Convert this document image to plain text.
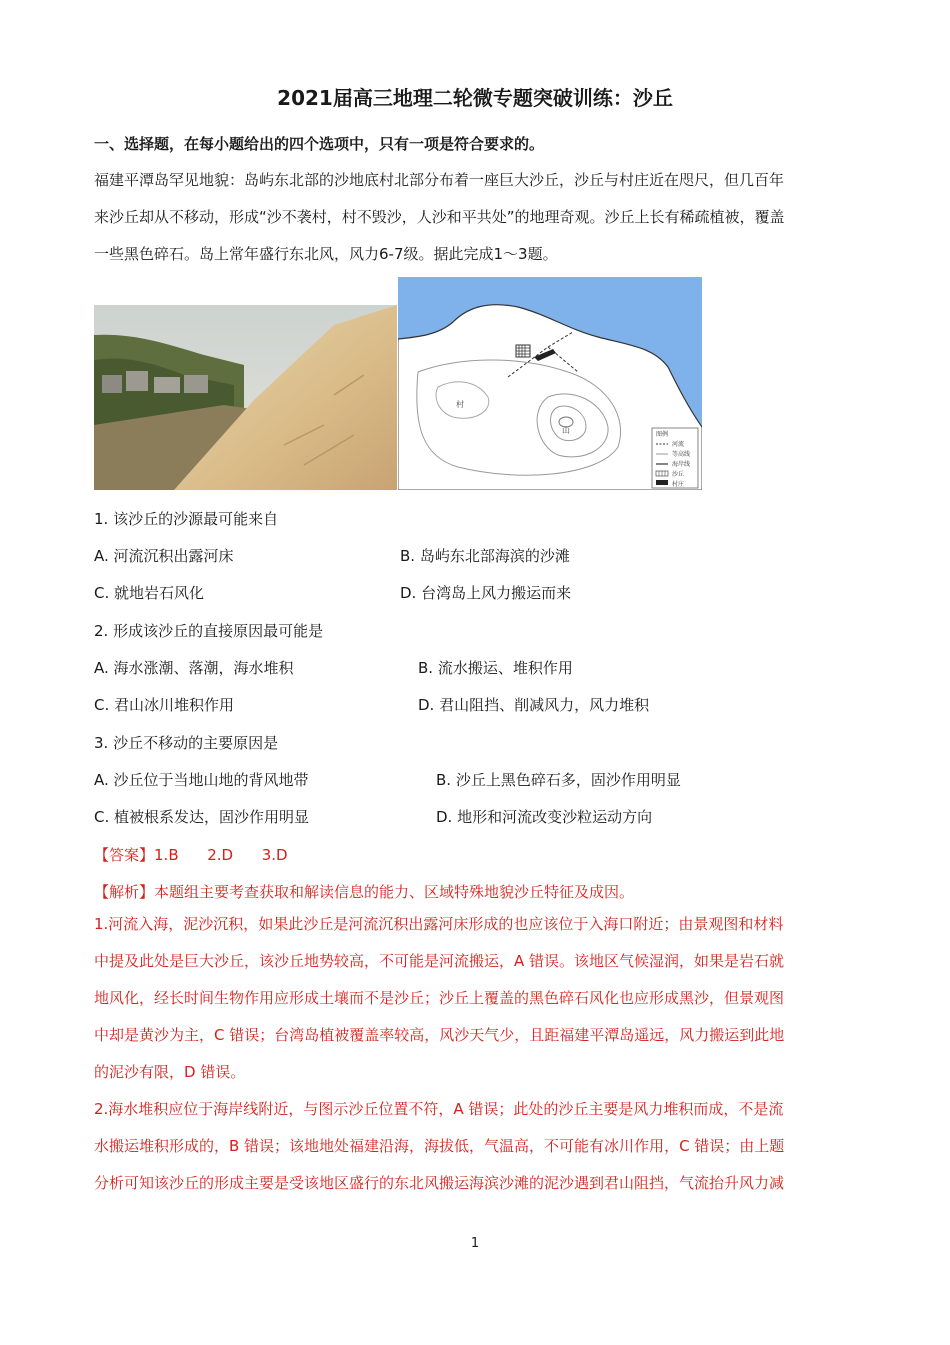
2021届高三地理二轮微专题突破训练：沙丘
一、选择题，在每小题给出的四个选项中，只有一项是符合要求的。
福建平潭岛罕见地貌：岛屿东北部的沙地底村北部分布着一座巨大沙丘，沙丘与村庄近在咫尺，但几百年
来沙丘却从不移动，形成“沙不袭村，村不毁沙，人沙和平共处”的地理奇观。沙丘上长有稀疏植被，覆盖
一些黑色碎石。岛上常年盛行东北风，风力6-7级。据此完成1～3题。
村
山	图例
河流
等高线
海岸线
沙丘
村庄
1. 该沙丘的沙源最可能来自
A. 河流沉积出露河床	B. 岛屿东北部海滨的沙滩
C. 就地岩石风化	D. 台湾岛上风力搬运而来
2. 形成该沙丘的直接原因最可能是
A. 海水涨潮、落潮，海水堆积	B. 流水搬运、堆积作用
C. 君山冰川堆积作用	D. 君山阻挡、削减风力，风力堆积
3. 沙丘不移动的主要原因是
A. 沙丘位于当地山地的背风地带	B. 沙丘上黑色碎石多，固沙作用明显
C. 植被根系发达，固沙作用明显	D. 地形和河流改变沙粒运动方向
【答案】1.B      2.D      3.D
【解析】本题组主要考查获取和解读信息的能力、区域特殊地貌沙丘特征及成因。
1.河流入海，泥沙沉积，如果此沙丘是河流沉积出露河床形成的也应该位于入海口附近；由景观图和材料
中提及此处是巨大沙丘，该沙丘地势较高，不可能是河流搬运，A 错误。该地区气候湿润，如果是岩石就
地风化，经长时间生物作用应形成土壤而不是沙丘；沙丘上覆盖的黑色碎石风化也应形成黑沙，但景观图
中却是黄沙为主，C 错误；台湾岛植被覆盖率较高，风沙天气少，且距福建平潭岛遥远，风力搬运到此地
的泥沙有限，D 错误。
2.海水堆积应位于海岸线附近，与图示沙丘位置不符，A 错误；此处的沙丘主要是风力堆积而成，不是流
水搬运堆积形成的，B 错误；该地地处福建沿海，海拔低，气温高，不可能有冰川作用，C 错误；由上题
分析可知该沙丘的形成主要是受该地区盛行的东北风搬运海滨沙滩的泥沙遇到君山阻挡，气流抬升风力减
1
